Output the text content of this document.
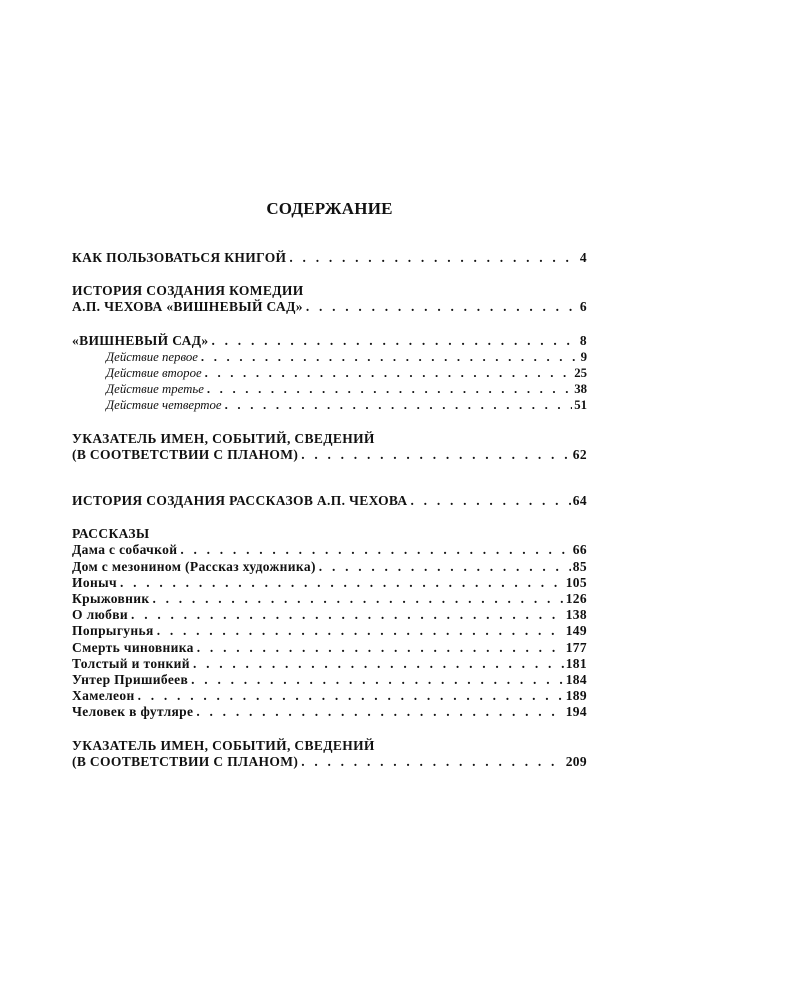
СОДЕРЖАНИЕ
КАК ПОЛЬЗОВАТЬСЯ КНИГОЙ . . .	4
ИСТОРИЯ СОЗДАНИЯ КОМЕДИИ
А.П. ЧЕХОВА «ВИШНЕВЫЙ САД» . . .	6
«ВИШНЕВЫЙ САД» . . .	8
Действие первое . . .	9
Действие второе . . .	25
Действие третье . . .	38
Действие четвертое . . .	51
УКАЗАТЕЛЬ ИМЕН, СОБЫТИЙ, СВЕДЕНИЙ
(В СООТВЕТСТВИИ С ПЛАНОМ) . . .	62
ИСТОРИЯ СОЗДАНИЯ РАССКАЗОВ А.П. ЧЕХОВА . . .	64
РАССКАЗЫ
Дама с собачкой . . .	66
Дом с мезонином (Рассказ художника) . . .	85
Ионыч . . .	105
Крыжовник . . .	126
О любви . . .	138
Попрыгунья . . .	149
Смерть чиновника . . .	177
Толстый и тонкий . . .	181
Унтер Пришибеев . . .	184
Хамелеон . . .	189
Человек в футляре . . .	194
УКАЗАТЕЛЬ ИМЕН, СОБЫТИЙ, СВЕДЕНИЙ
(В СООТВЕТСТВИИ С ПЛАНОМ) . . .	209
